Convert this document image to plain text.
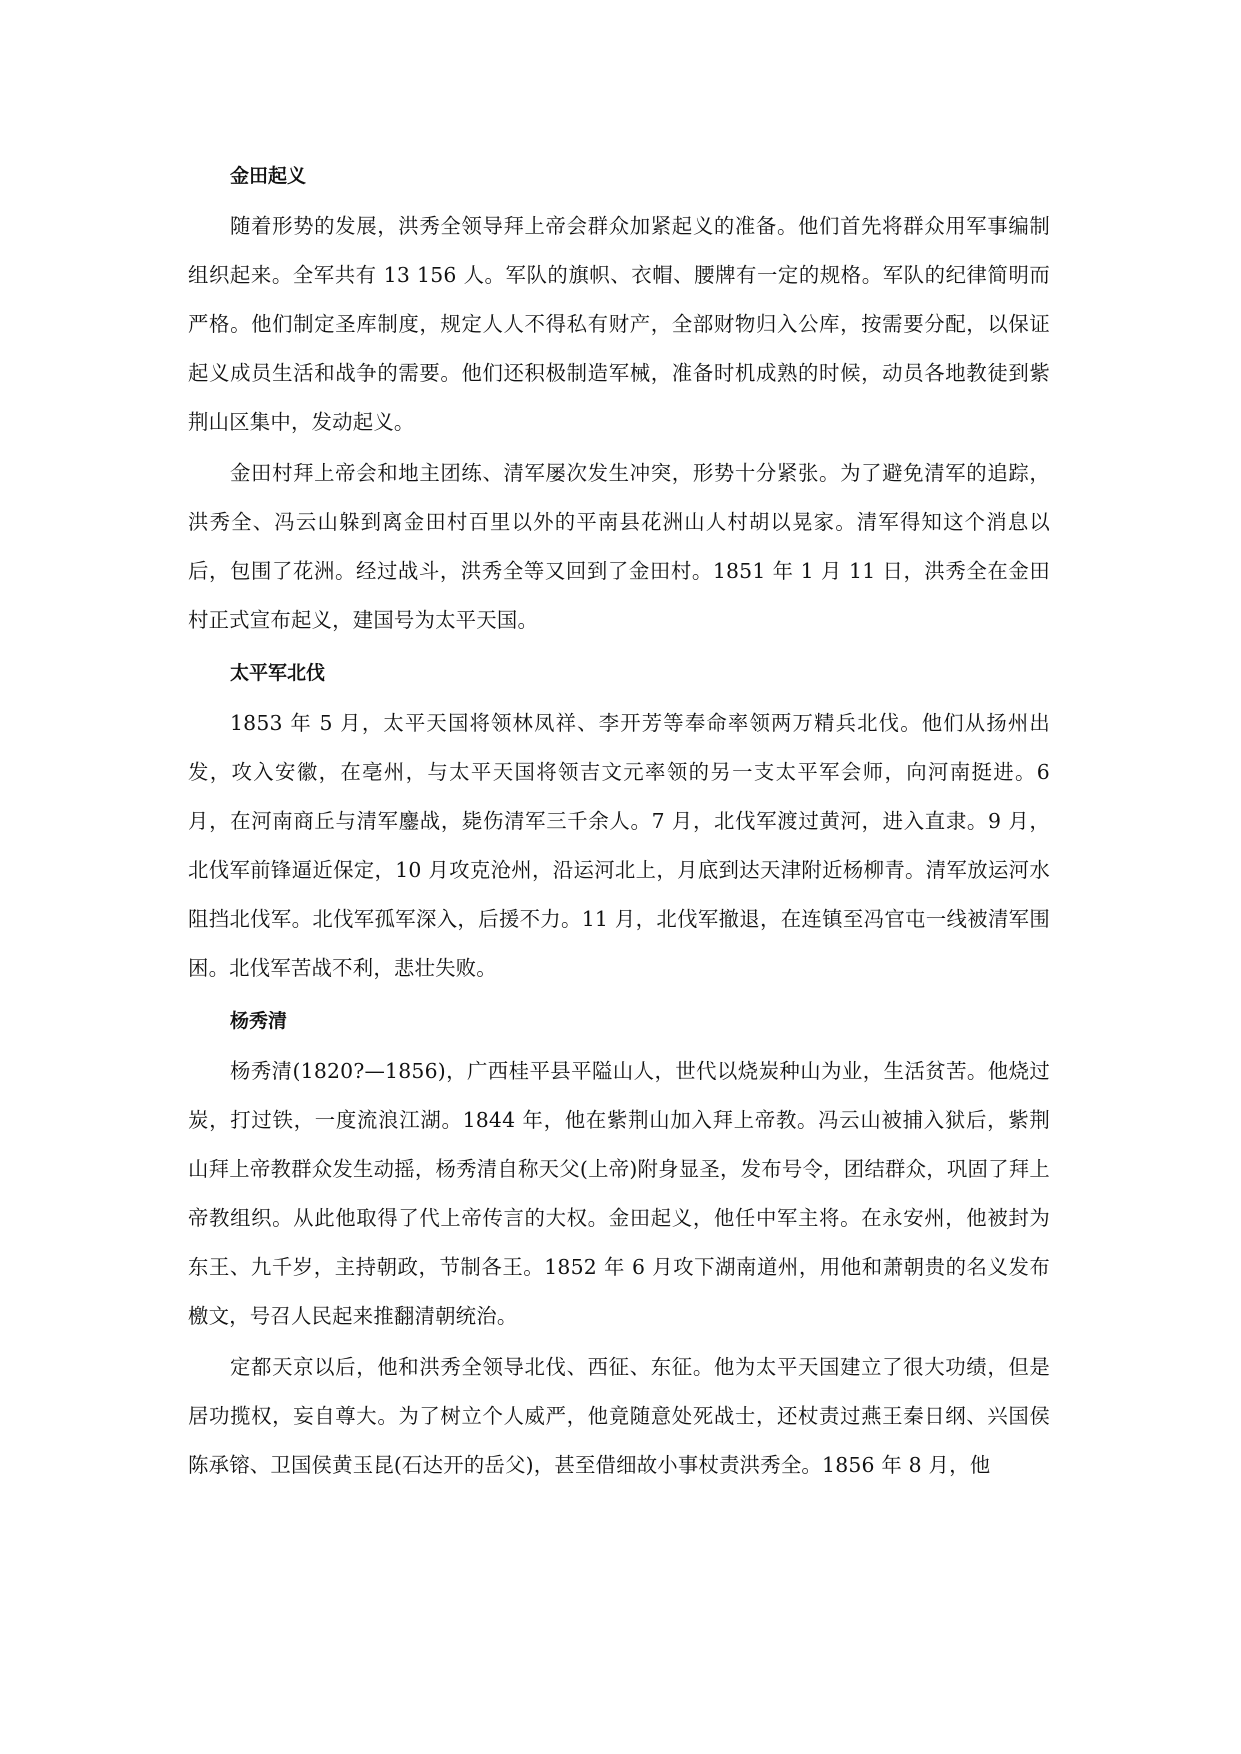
金田起义

随着形势的发展，洪秀全领导拜上帝会群众加紧起义的准备。他们首先将群众用军事编制组织起来。全军共有 13 156 人。军队的旗帜、衣帽、腰牌有一定的规格。军队的纪律简明而严格。他们制定圣库制度，规定人人不得私有财产，全部财物归入公库，按需要分配，以保证起义成员生活和战争的需要。他们还积极制造军械，准备时机成熟的时候，动员各地教徒到紫荆山区集中，发动起义。

金田村拜上帝会和地主团练、清军屡次发生冲突，形势十分紧张。为了避免清军的追踪，洪秀全、冯云山躲到离金田村百里以外的平南县花洲山人村胡以晃家。清军得知这个消息以后，包围了花洲。经过战斗，洪秀全等又回到了金田村。1851 年 1 月 11 日，洪秀全在金田村正式宣布起义，建国号为太平天国。

太平军北伐

1853 年 5 月，太平天国将领林凤祥、李开芳等奉命率领两万精兵北伐。他们从扬州出发，攻入安徽，在亳州，与太平天国将领吉文元率领的另一支太平军会师，向河南挺进。6 月，在河南商丘与清军鏖战，毙伤清军三千余人。7 月，北伐军渡过黄河，进入直隶。9 月，北伐军前锋逼近保定，10 月攻克沧州，沿运河北上，月底到达天津附近杨柳青。清军放运河水阻挡北伐军。北伐军孤军深入，后援不力。11 月，北伐军撤退，在连镇至冯官屯一线被清军围困。北伐军苦战不利，悲壮失败。

杨秀清

杨秀清(1820?—1856)，广西桂平县平隘山人，世代以烧炭种山为业，生活贫苦。他烧过炭，打过铁，一度流浪江湖。1844 年，他在紫荆山加入拜上帝教。冯云山被捕入狱后，紫荆山拜上帝教群众发生动摇，杨秀清自称天父(上帝)附身显圣，发布号令，团结群众，巩固了拜上帝教组织。从此他取得了代上帝传言的大权。金田起义，他任中军主将。在永安州，他被封为东王、九千岁，主持朝政，节制各王。1852 年 6 月攻下湖南道州，用他和萧朝贵的名义发布檄文，号召人民起来推翻清朝统治。

定都天京以后，他和洪秀全领导北伐、西征、东征。他为太平天国建立了很大功绩，但是居功揽权，妄自尊大。为了树立个人威严，他竟随意处死战士，还杖责过燕王秦日纲、兴国侯陈承镕、卫国侯黄玉昆(石达开的岳父)，甚至借细故小事杖责洪秀全。1856 年 8 月，他
